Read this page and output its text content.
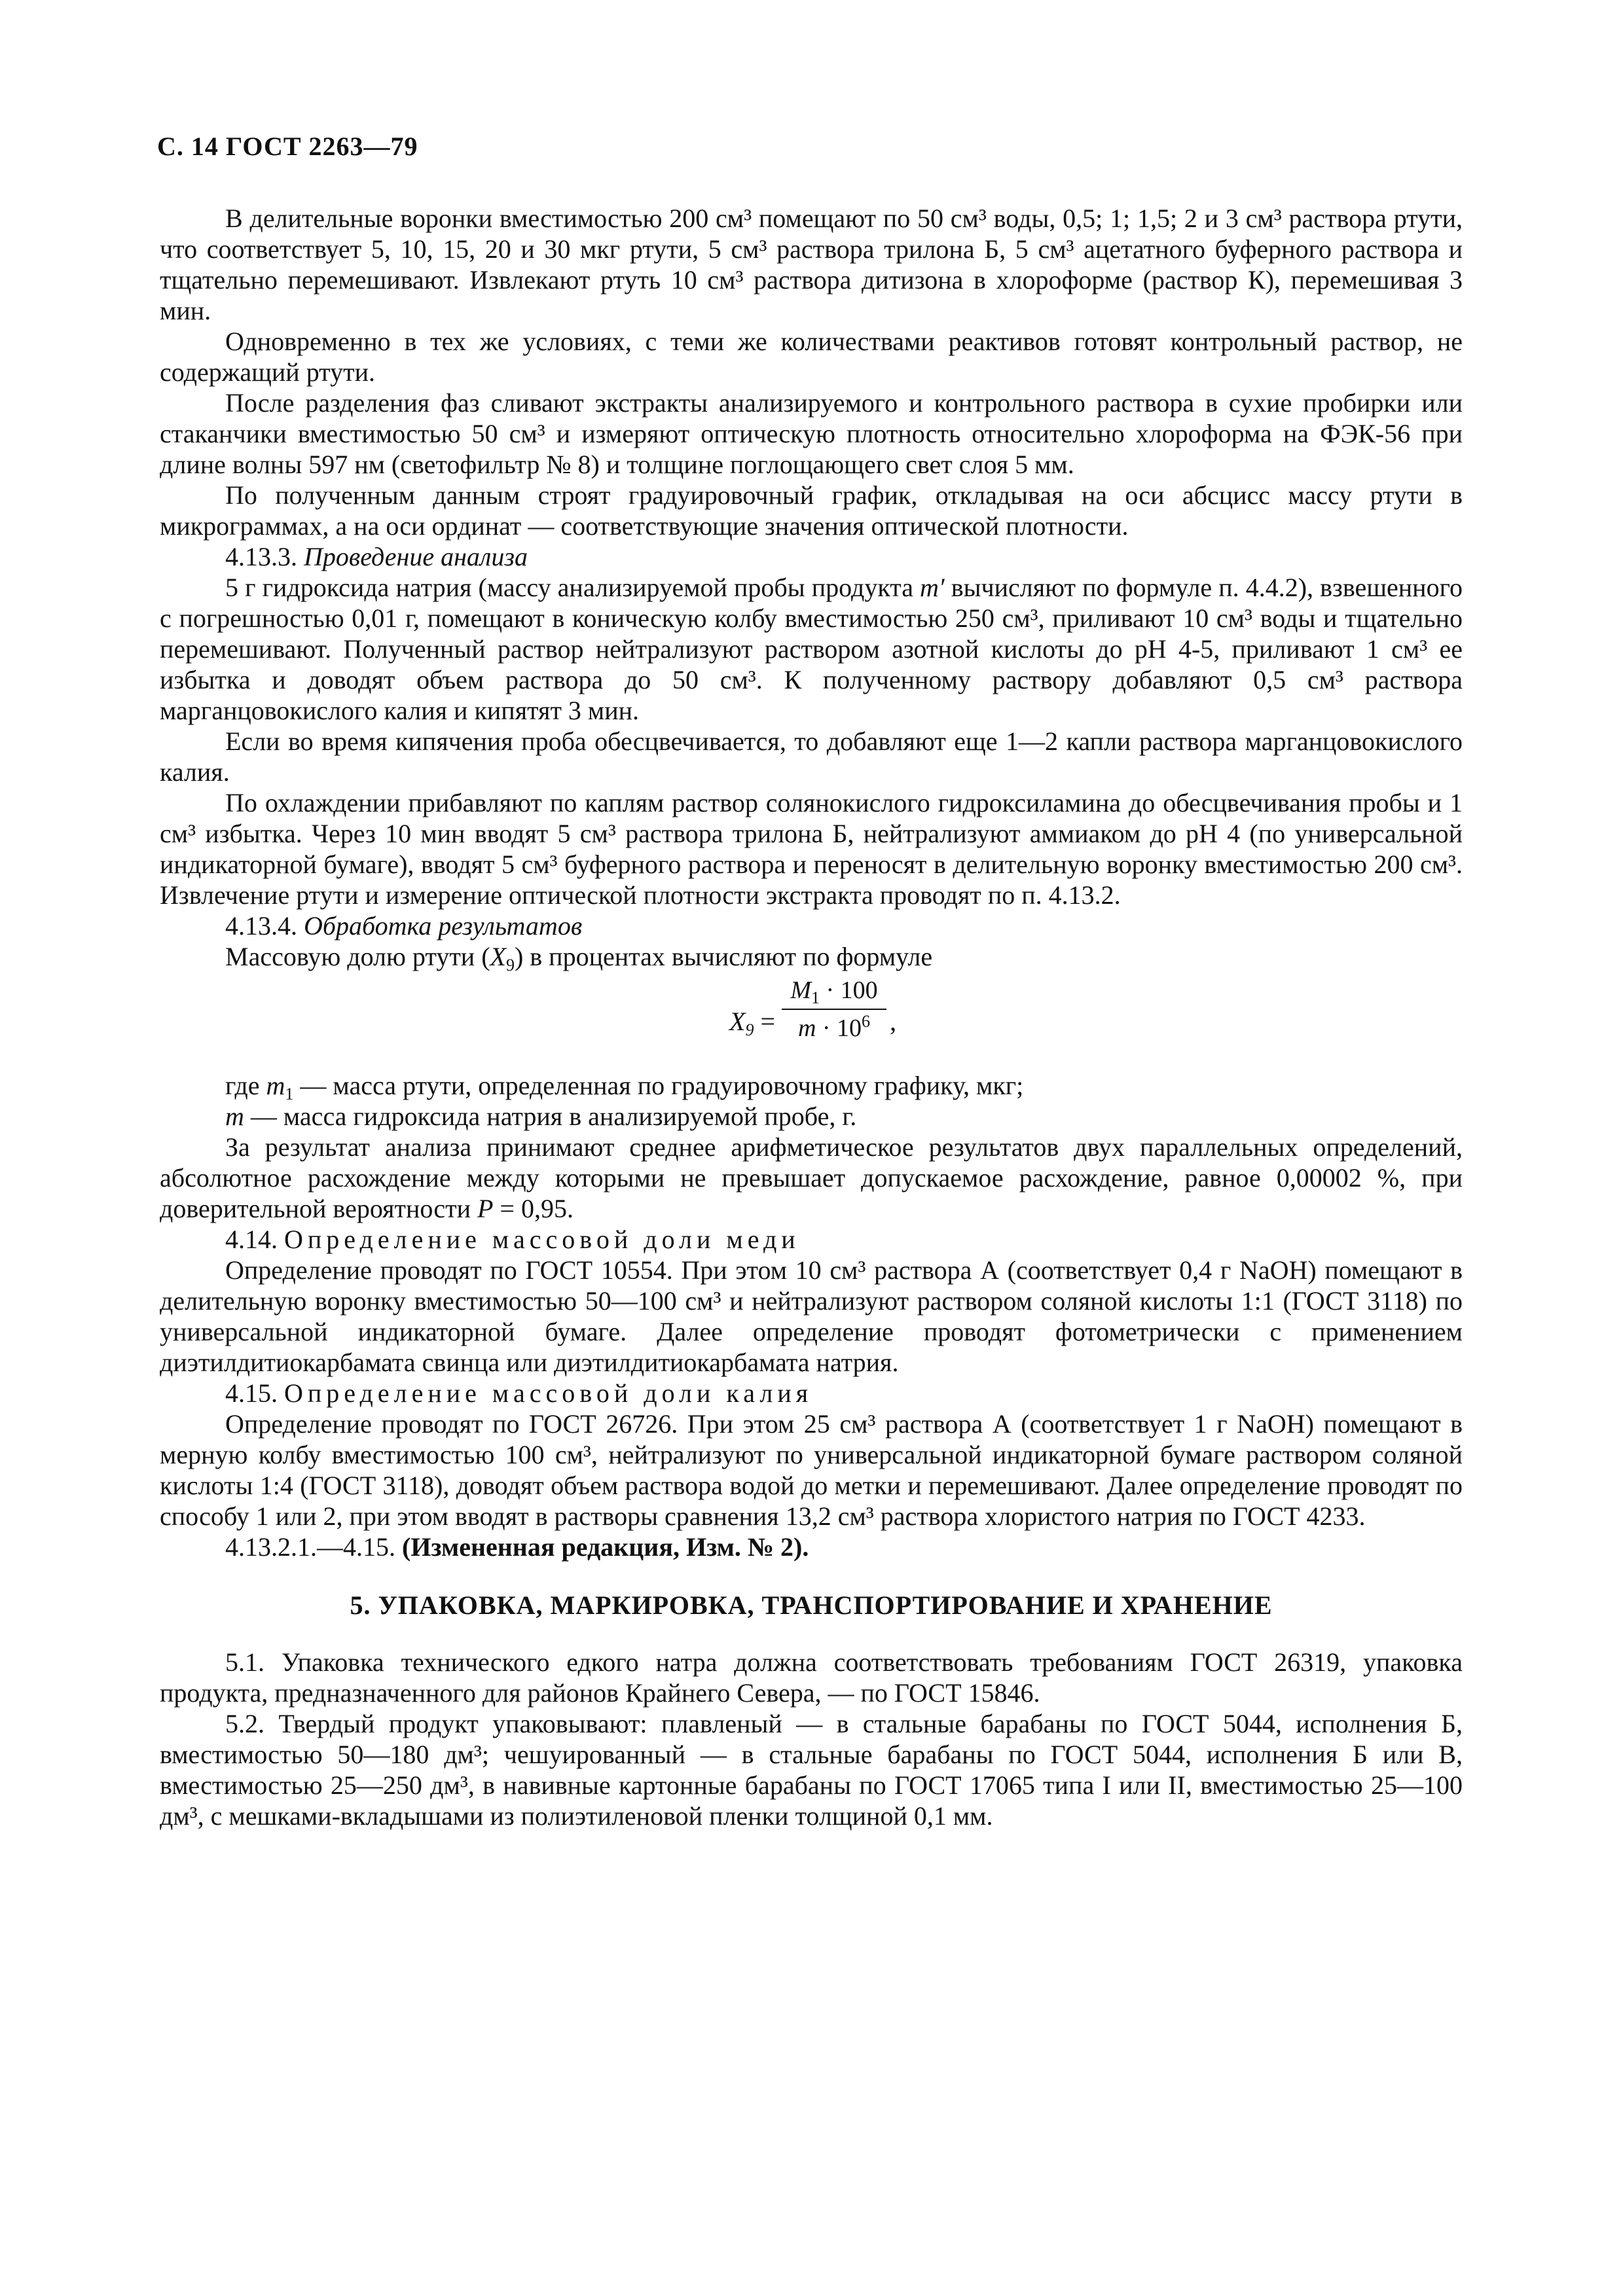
С. 14 ГОСТ 2263—79

В делительные воронки вместимостью 200 см³ помещают по 50 см³ воды, 0,5; 1; 1,5; 2 и 3 см³ раствора ртути, что соответствует 5, 10, 15, 20 и 30 мкг ртути, 5 см³ раствора трилона Б, 5 см³ ацетатного буферного раствора и тщательно перемешивают. Извлекают ртуть 10 см³ раствора дитизона в хлороформе (раствор К), перемешивая 3 мин.

Одновременно в тех же условиях, с теми же количествами реактивов готовят контрольный раствор, не содержащий ртути.

После разделения фаз сливают экстракты анализируемого и контрольного раствора в сухие пробирки или стаканчики вместимостью 50 см³ и измеряют оптическую плотность относительно хлороформа на ФЭК-56 при длине волны 597 нм (светофильтр № 8) и толщине поглощающего свет слоя 5 мм.

По полученным данным строят градуировочный график, откладывая на оси абсцисс массу ртути в микрограммах, а на оси ординат — соответствующие значения оптической плотности.

4.13.3. Проведение анализа

5 г гидроксида натрия (массу анализируемой пробы продукта m′ вычисляют по формуле п. 4.4.2), взвешенного с погрешностью 0,01 г, помещают в коническую колбу вместимостью 250 см³, приливают 10 см³ воды и тщательно перемешивают. Полученный раствор нейтрализуют раствором азотной кислоты до pH 4-5, приливают 1 см³ ее избытка и доводят объем раствора до 50 см³. К полученному раствору добавляют 0,5 см³ раствора марганцовокислого калия и кипятят 3 мин.

Если во время кипячения проба обесцвечивается, то добавляют еще 1—2 капли раствора марганцовокислого калия.

По охлаждении прибавляют по каплям раствор солянокислого гидроксиламина до обесцвечивания пробы и 1 см³ избытка. Через 10 мин вводят 5 см³ раствора трилона Б, нейтрализуют аммиаком до pH 4 (по универсальной индикаторной бумаге), вводят 5 см³ буферного раствора и переносят в делительную воронку вместимостью 200 см³. Извлечение ртути и измерение оптической плотности экстракта проводят по п. 4.13.2.

4.13.4. Обработка результатов

Массовую долю ртути $(X_9)$ в процентах вычисляют по формуле

$X_9$ =
$M_1 \cdot 100$
$m \cdot 10^6$ ,

где $m_1$ — масса ртути, определенная по градуировочному графику, мкг;

m — масса гидроксида натрия в анализируемой пробе, г.

За результат анализа принимают среднее арифметическое результатов двух параллельных определений, абсолютное расхождение между которыми не превышает допускаемое расхождение, равное 0,00002 %, при доверительной вероятности P = 0,95.

4.14. Определение массовой доли меди

Определение проводят по ГОСТ 10554. При этом 10 см³ раствора А (соответствует 0,4 г NaOH) помещают в делительную воронку вместимостью 50—100 см³ и нейтрализуют раствором соляной кислоты 1:1 (ГОСТ 3118) по универсальной индикаторной бумаге. Далее определение проводят фотометрически с применением диэтилдитиокарбамата свинца или диэтилдитиокарбамата натрия.

4.15. Определение массовой доли калия

Определение проводят по ГОСТ 26726. При этом 25 см³ раствора А (соответствует 1 г NaOH) помещают в мерную колбу вместимостью 100 см³, нейтрализуют по универсальной индикаторной бумаге раствором соляной кислоты 1:4 (ГОСТ 3118), доводят объем раствора водой до метки и перемешивают. Далее определение проводят по способу 1 или 2, при этом вводят в растворы сравнения 13,2 см³ раствора хлористого натрия по ГОСТ 4233.

4.13.2.1.—4.15. (Измененная редакция, Изм. № 2).

5. УПАКОВКА, МАРКИРОВКА, ТРАНСПОРТИРОВАНИЕ И ХРАНЕНИЕ

5.1. Упаковка технического едкого натра должна соответствовать требованиям ГОСТ 26319, упаковка продукта, предназначенного для районов Крайнего Севера, — по ГОСТ 15846.

5.2. Твердый продукт упаковывают: плавленый — в стальные барабаны по ГОСТ 5044, исполнения Б, вместимостью 50—180 дм³; чешуированный — в стальные барабаны по ГОСТ 5044, исполнения Б или В, вместимостью 25—250 дм³, в навивные картонные барабаны по ГОСТ 17065 типа I или II, вместимостью 25—100 дм³, с мешками-вкладышами из полиэтиленовой пленки толщиной 0,1 мм.
